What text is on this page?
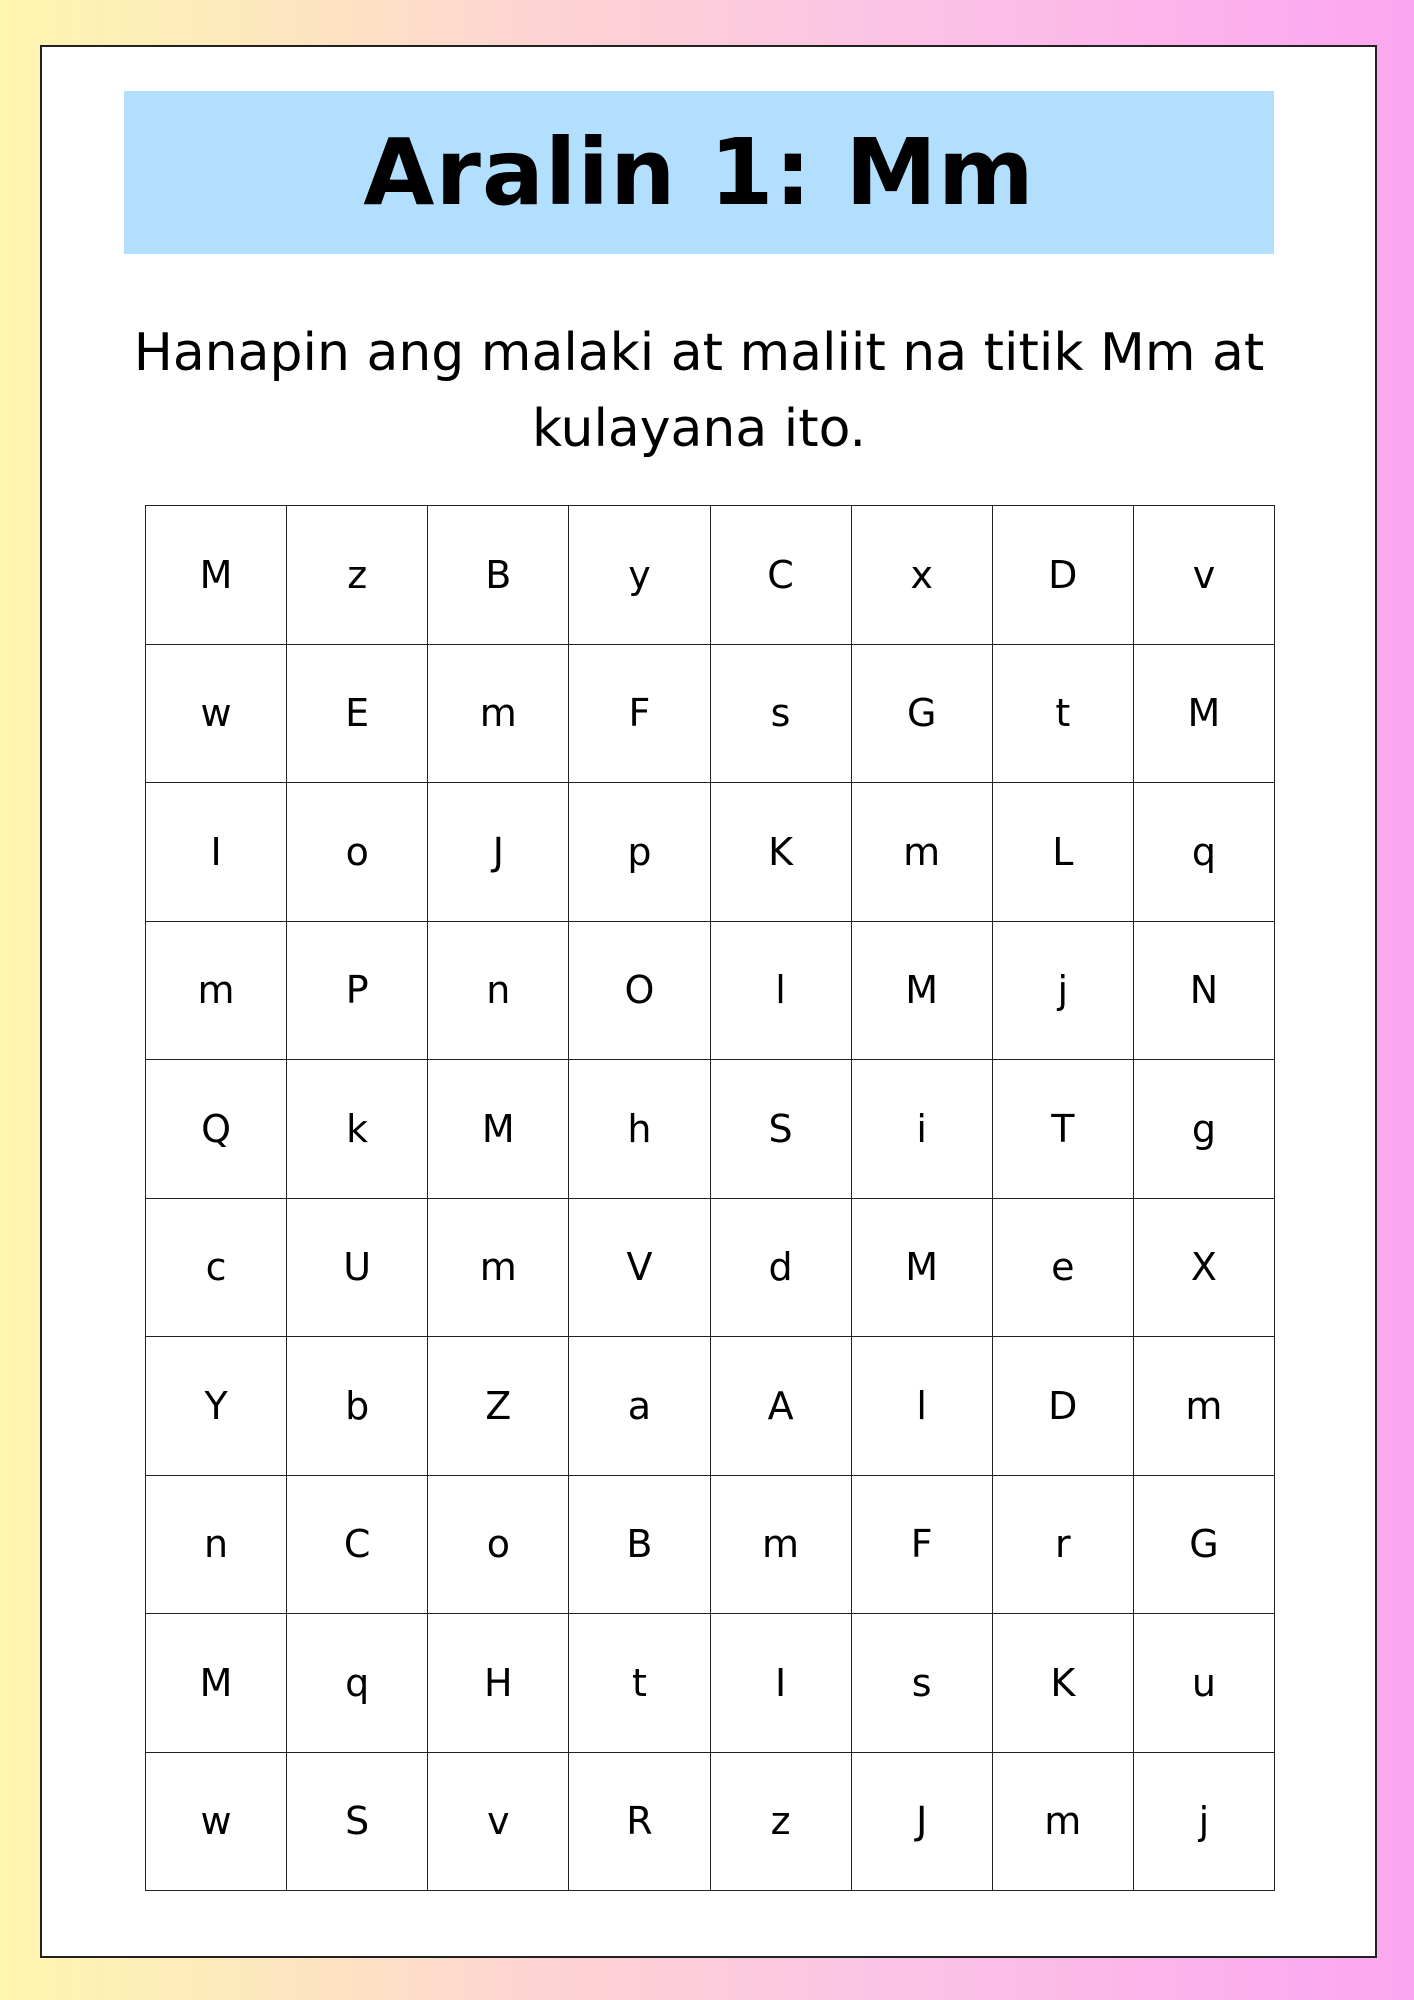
Aralin 1: Mm
Hanapin ang malaki at maliit na titik Mm at kulayana ito.
M	z	B	y	C	x	D	v
w	E	m	F	s	G	t	M
I	o	J	p	K	m	L	q
m	P	n	O	l	M	j	N
Q	k	M	h	S	i	T	g
c	U	m	V	d	M	e	X
Y	b	Z	a	A	l	D	m
n	C	o	B	m	F	r	G
M	q	H	t	I	s	K	u
w	S	v	R	z	J	m	j
